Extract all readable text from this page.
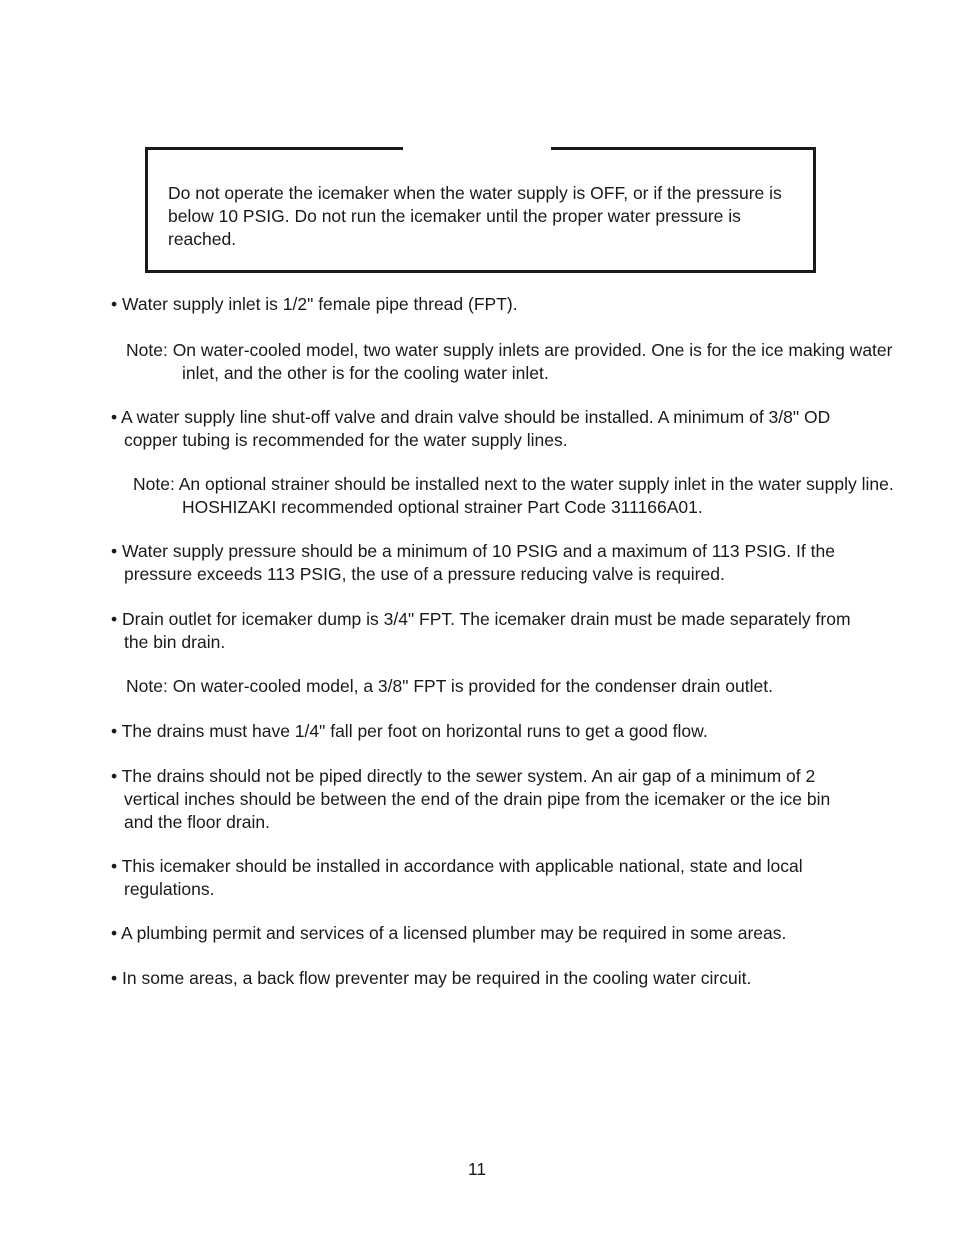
Do not operate the icemaker when the water supply is OFF, or if the pressure is below 10 PSIG. Do not run the icemaker until the proper water pressure is reached.

• Water supply inlet is 1/2" female pipe thread (FPT).

Note: On water-cooled model, two water supply inlets are provided. One is for the ice making water inlet, and the other is for the cooling water inlet.

• A water supply line shut-off valve and drain valve should be installed. A minimum of 3/8" OD copper tubing is recommended for the water supply lines.

Note: An optional strainer should be installed next to the water supply inlet in the water supply line. HOSHIZAKI recommended optional strainer Part Code 311166A01.

• Water supply pressure should be a minimum of 10 PSIG and a maximum of 113 PSIG. If the pressure exceeds 113 PSIG, the use of a pressure reducing valve is required.

• Drain outlet for icemaker dump is 3/4" FPT. The icemaker drain must be made separately from the bin drain.

Note: On water-cooled model, a 3/8" FPT is provided for the condenser drain outlet.

• The drains must have 1/4" fall per foot on horizontal runs to get a good flow.

• The drains should not be piped directly to the sewer system. An air gap of a minimum of 2 vertical inches should be between the end of the drain pipe from the icemaker or the ice bin and the floor drain.

• This icemaker should be installed in accordance with applicable national, state and local regulations.

• A plumbing permit and services of a licensed plumber may be required in some areas.

• In some areas, a back flow preventer may be required in the cooling water circuit.

11
